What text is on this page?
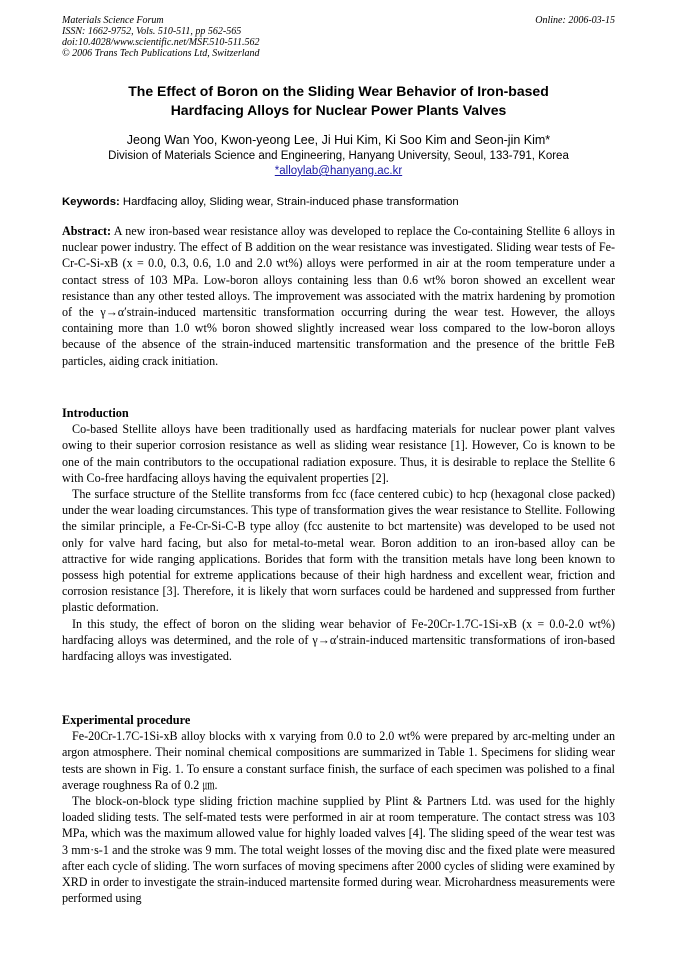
Materials Science Forum
ISSN: 1662-9752, Vols. 510-511, pp 562-565
doi:10.4028/www.scientific.net/MSF.510-511.562
© 2006 Trans Tech Publications Ltd, Switzerland
Online: 2006-03-15
The Effect of Boron on the Sliding Wear Behavior of Iron-based
Hardfacing Alloys for Nuclear Power Plants Valves
Jeong Wan Yoo, Kwon-yeong Lee, Ji Hui Kim, Ki Soo Kim and Seon-jin Kim*
Division of Materials Science and Engineering, Hanyang University, Seoul, 133-791, Korea
*alloylab@hanyang.ac.kr
Keywords: Hardfacing alloy, Sliding wear, Strain-induced phase transformation

Abstract: A new iron-based wear resistance alloy was developed to replace the Co-containing Stellite 6 alloys in nuclear power industry. The effect of B addition on the wear resistance was investigated. Sliding wear tests of Fe-Cr-C-Si-xB (x = 0.0, 0.3, 0.6, 1.0 and 2.0 wt%) alloys were performed in air at the room temperature under a contact stress of 103 MPa. Low-boron alloys containing less than 0.6 wt% boron showed an excellent wear resistance than any other tested alloys. The improvement was associated with the matrix hardening by promotion of the γ→α′strain-induced martensitic transformation occurring during the wear test. However, the alloys containing more than 1.0 wt% boron showed slightly increased wear loss compared to the low-boron alloys because of the absence of the strain-induced martensitic transformation and the presence of the brittle FeB particles, aiding crack initiation.

Introduction

Co-based Stellite alloys have been traditionally used as hardfacing materials for nuclear power plant valves owing to their superior corrosion resistance as well as sliding wear resistance [1]. However, Co is known to be one of the main contributors to the occupational radiation exposure. Thus, it is desirable to replace the Stellite 6 with Co-free hardfacing alloys having the equivalent properties [2].

The surface structure of the Stellite transforms from fcc (face centered cubic) to hcp (hexagonal close packed) under the wear loading circumstances. This type of transformation gives the wear resistance to Stellite. Following the similar principle, a Fe-Cr-Si-C-B type alloy (fcc austenite to bct martensite) was developed to be used not only for valve hard facing, but also for metal-to-metal wear. Boron addition to an iron-based alloy can be attractive for wide ranging applications. Borides that form with the transition metals have long been known to possess high potential for extreme applications because of their high hardness and excellent wear, friction and corrosion resistance [3]. Therefore, it is likely that worn surfaces could be hardened and suppressed from further plastic deformation.

In this study, the effect of boron on the sliding wear behavior of Fe-20Cr-1.7C-1Si-xB (x = 0.0-2.0 wt%) hardfacing alloys was determined, and the role of γ→α′strain-induced martensitic transformations of iron-based hardfacing alloys was investigated.

Experimental procedure

Fe-20Cr-1.7C-1Si-xB alloy blocks with x varying from 0.0 to 2.0 wt% were prepared by arc-melting under an argon atmosphere. Their nominal chemical compositions are summarized in Table 1. Specimens for sliding wear tests are shown in Fig. 1. To ensure a constant surface finish, the surface of each specimen was polished to a final average roughness Ra of 0.2 ㎛.

The block-on-block type sliding friction machine supplied by Plint & Partners Ltd. was used for the highly loaded sliding tests. The self-mated tests were performed in air at room temperature. The contact stress was 103 MPa, which was the maximum allowed value for highly loaded valves [4]. The sliding speed of the wear test was 3 mm·s-1 and the stroke was 9 mm. The total weight losses of the moving disc and the fixed plate were measured after each cycle of sliding. The worn surfaces of moving specimens after 2000 cycles of sliding were examined by XRD in order to investigate the strain-induced martensite formed during wear. Microhardness measurements were performed using
